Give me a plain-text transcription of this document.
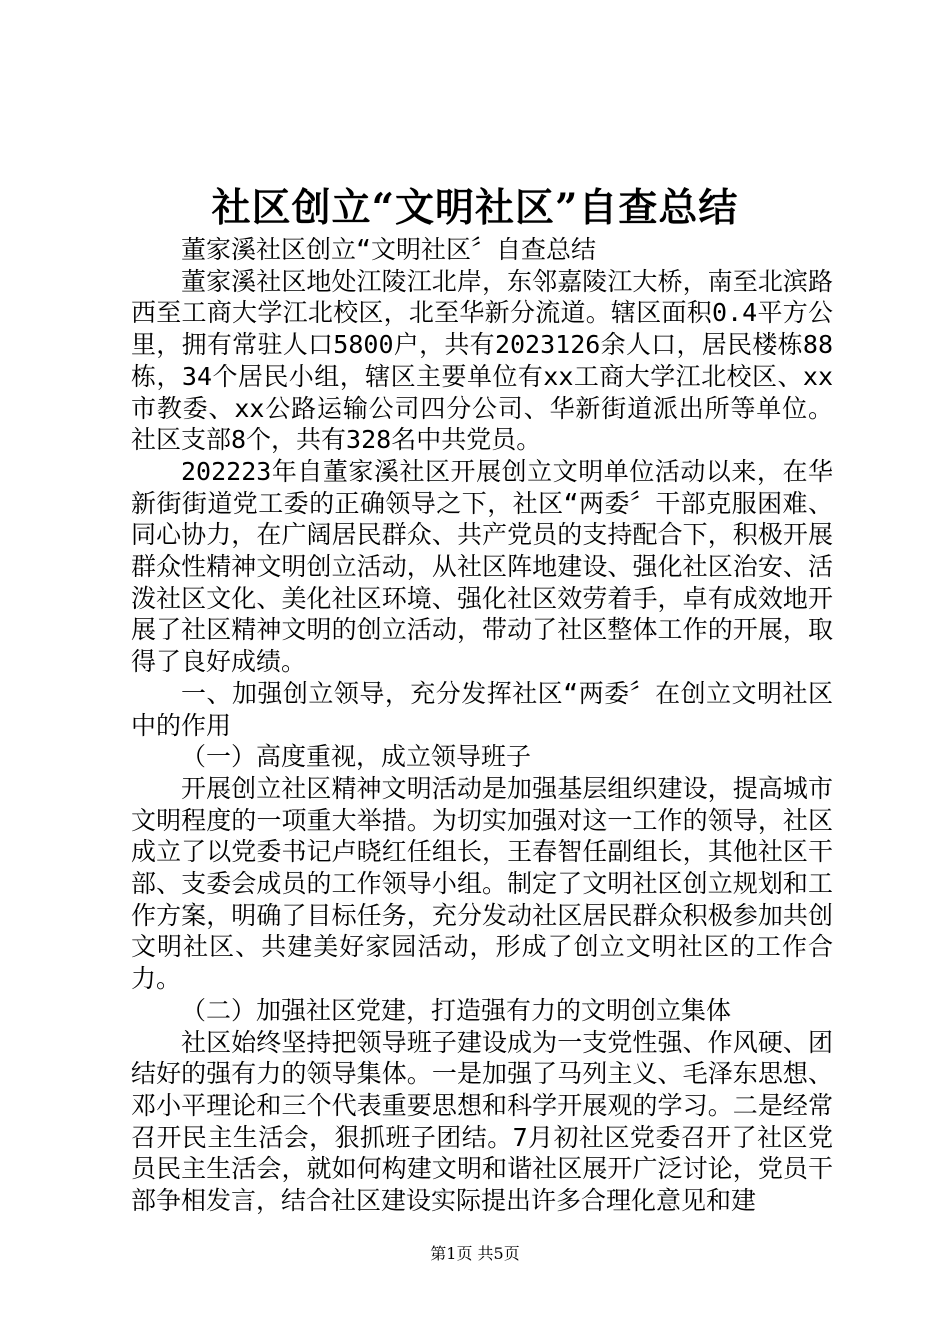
社区创立“文明社区”自查总结

董家溪社区创立“文明社区〞自查总结

董家溪社区地处江陵江北岸，东邻嘉陵江大桥，南至北滨路西至工商大学江北校区，北至华新分流道。辖区面积0.4平方公里，拥有常驻人口5800户，共有2023126余人口，居民楼栋88栋，34个居民小组，辖区主要单位有xx工商大学江北校区、xx市教委、xx公路运输公司四分公司、华新街道派出所等单位。社区支部8个，共有328名中共党员。

202223年自董家溪社区开展创立文明单位活动以来，在华新街街道党工委的正确领导之下，社区“两委〞干部克服困难、同心协力，在广阔居民群众、共产党员的支持配合下，积极开展群众性精神文明创立活动，从社区阵地建设、强化社区治安、活泼社区文化、美化社区环境、强化社区效劳着手，卓有成效地开展了社区精神文明的创立活动，带动了社区整体工作的开展，取得了良好成绩。

一、加强创立领导，充分发挥社区“两委〞在创立文明社区中的作用

（一）高度重视，成立领导班子

开展创立社区精神文明活动是加强基层组织建设，提高城市文明程度的一项重大举措。为切实加强对这一工作的领导，社区成立了以党委书记卢晓红任组长，王春智任副组长，其他社区干部、支委会成员的工作领导小组。制定了文明社区创立规划和工作方案，明确了目标任务，充分发动社区居民群众积极参加共创文明社区、共建美好家园活动，形成了创立文明社区的工作合力。

（二）加强社区党建，打造强有力的文明创立集体

社区始终坚持把领导班子建设成为一支党性强、作风硬、团结好的强有力的领导集体。一是加强了马列主义、毛泽东思想、邓小平理论和三个代表重要思想和科学开展观的学习。二是经常召开民主生活会，狠抓班子团结。7月初社区党委召开了社区党员民主生活会，就如何构建文明和谐社区展开广泛讨论，党员干部争相发言，结合社区建设实际提出许多合理化意见和建

第1页 共5页
